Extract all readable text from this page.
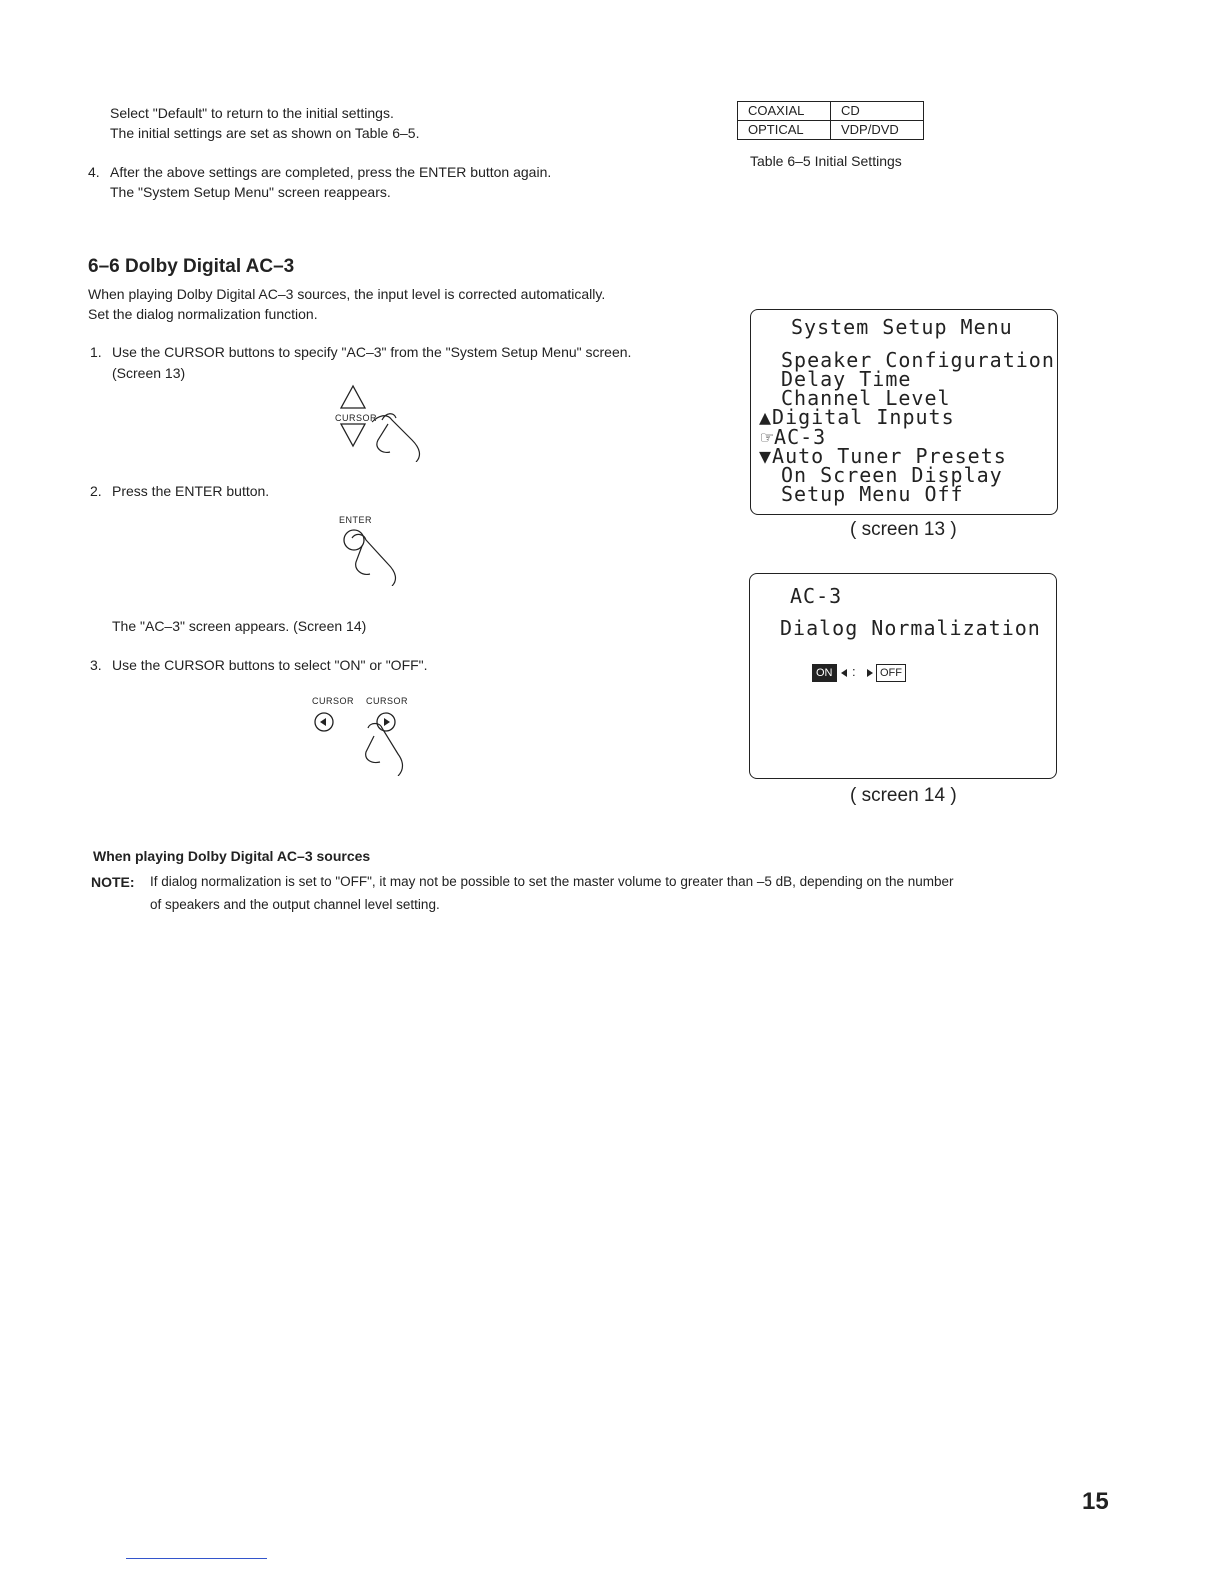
Select "Default" to return to the initial settings.

The initial settings are set as shown on Table 6–5.

4. After the above settings are completed, press the ENTER button again.

The "System Setup Menu" screen reappears.

COAXIAL	CD
OPTICAL	VDP/DVD

Table 6–5 Initial Settings

6–6 Dolby Digital AC–3

When playing Dolby Digital AC–3 sources, the input level is corrected automatically.

Set the dialog normalization function.

1. Use the CURSOR buttons to specify "AC–3" from the "System Setup Menu" screen.

(Screen 13)

CURSOR

2. Press the ENTER button.

ENTER

The "AC–3" screen appears. (Screen 14)

3. Use the CURSOR buttons to select "ON" or "OFF".

CURSOR CURSOR
System Setup Menu
Speaker Configuration
Delay Time
Channel Level
▲Digital Inputs
☞AC-3
▼Auto Tuner Presets
On Screen Display
Setup Menu Off
( screen 13 )
AC-3
Dialog Normalization
ON	:	OFF
( screen 14 )

When playing Dolby Digital AC–3 sources

NOTE: If dialog normalization is set to "OFF", it may not be possible to set the master volume to greater than –5 dB, depending on the number

of speakers and the output channel level setting.

15
